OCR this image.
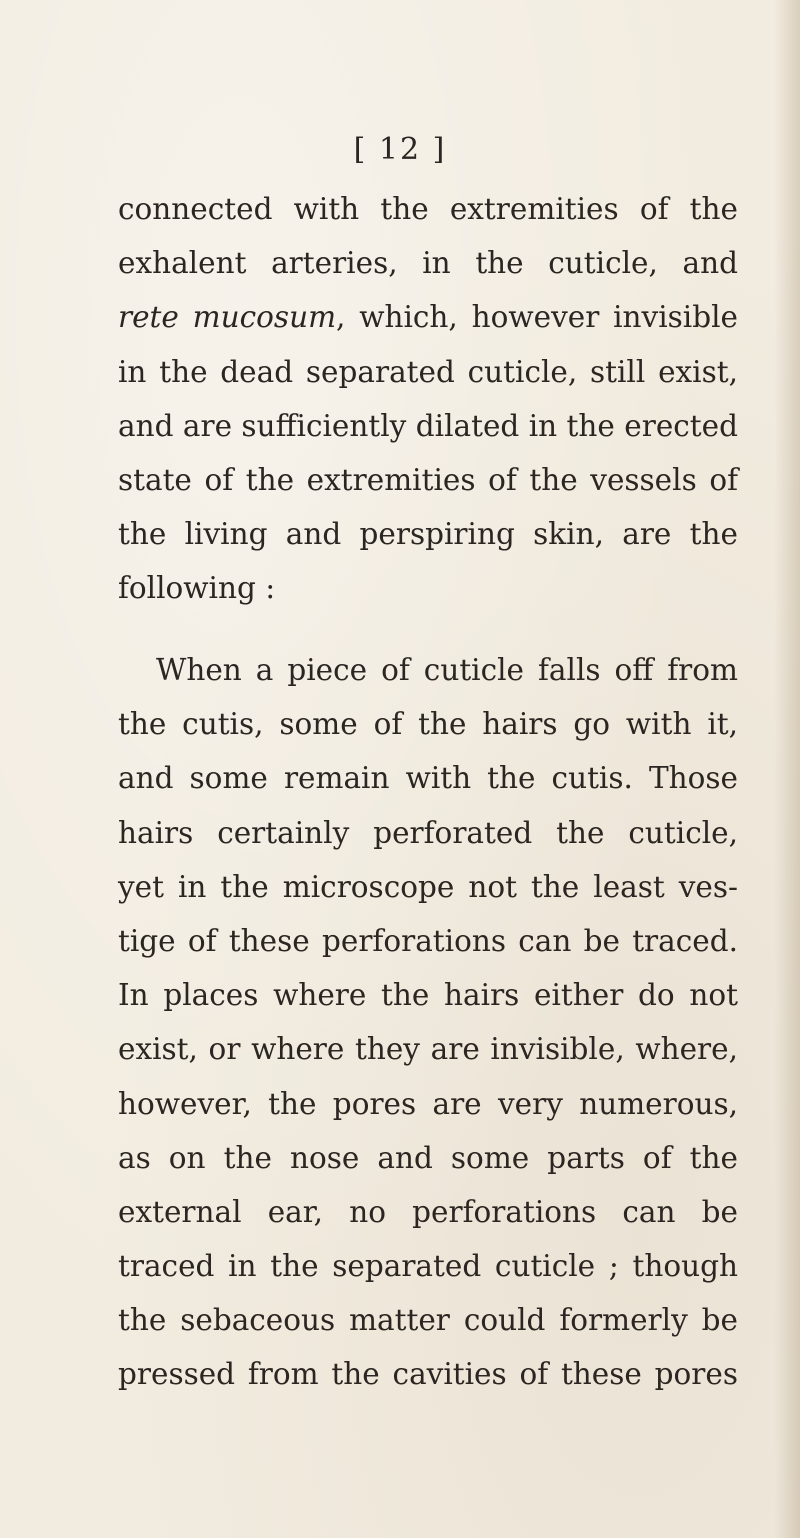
[ 12 ]

connected with the extremities of the

exhalent arteries, in the cuticle, and

rete mucosum, which, however invisible

in the dead separated cuticle, still exist,

and are sufficiently dilated in the erected

state of the extremities of the vessels of

the living and perspiring skin, are the

following :

When a piece of cuticle falls off from

the cutis, some of the hairs go with it,

and some remain with the cutis. Those

hairs certainly perforated the cuticle,

yet in the microscope not the least ves-

tige of these perforations can be traced.

In places where the hairs either do not

exist, or where they are invisible, where,

however, the pores are very numerous,

as on the nose and some parts of the

external ear, no perforations can be

traced in the separated cuticle ; though

the sebaceous matter could formerly be

pressed from the cavities of these pores
